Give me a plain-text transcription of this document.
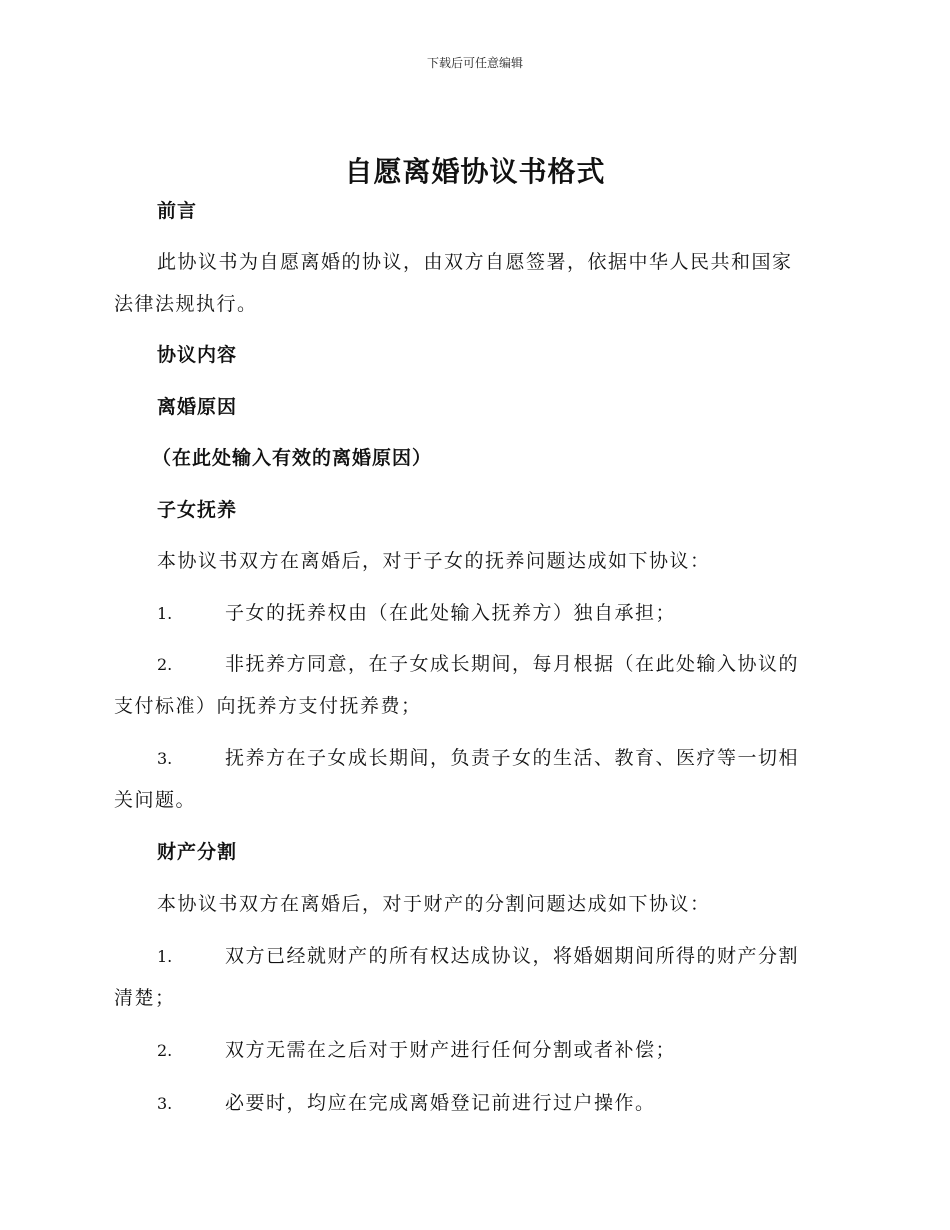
下载后可任意编辑
自愿离婚协议书格式

前言

此协议书为自愿离婚的协议，由双方自愿签署，依据中华人民共和国家

法律法规执行。

协议内容

离婚原因

（在此处输入有效的离婚原因）

子女抚养

本协议书双方在离婚后，对于子女的抚养问题达成如下协议：

1.	子女的抚养权由（在此处输入抚养方）独自承担；

2.	非抚养方同意，在子女成长期间，每月根据（在此处输入协议的

支付标准）向抚养方支付抚养费；

3.	抚养方在子女成长期间，负责子女的生活、教育、医疗等一切相

关问题。

财产分割

本协议书双方在离婚后，对于财产的分割问题达成如下协议：

1.	双方已经就财产的所有权达成协议，将婚姻期间所得的财产分割

清楚；

2.	双方无需在之后对于财产进行任何分割或者补偿；

3.	必要时，均应在完成离婚登记前进行过户操作。
